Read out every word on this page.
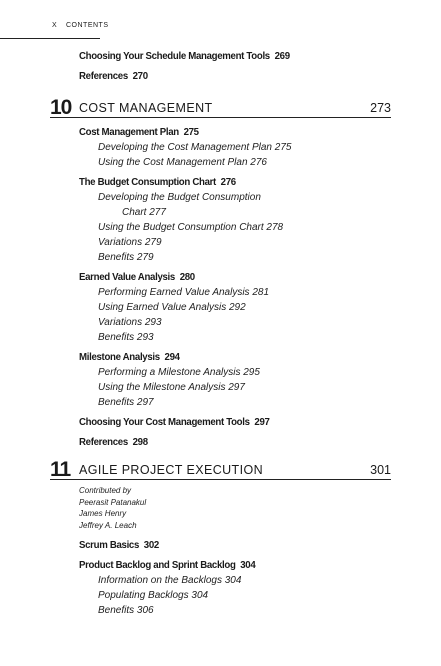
X CONTENTS
Choosing Your Schedule Management Tools 269
References 270
10 COST MANAGEMENT	273
Cost Management Plan 275
Developing the Cost Management Plan 275
Using the Cost Management Plan 276
The Budget Consumption Chart 276
Developing the Budget Consumption
Chart 277
Using the Budget Consumption Chart 278
Variations 279
Benefits 279
Earned Value Analysis 280
Performing Earned Value Analysis 281
Using Earned Value Analysis 292
Variations 293
Benefits 293
Milestone Analysis 294
Performing a Milestone Analysis 295
Using the Milestone Analysis 297
Benefits 297
Choosing Your Cost Management Tools 297
References 298
11 AGILE PROJECT EXECUTION	301
Contributed by
Peerasit Patanakul
James Henry
Jeffrey A. Leach
Scrum Basics 302
Product Backlog and Sprint Backlog 304
Information on the Backlogs 304
Populating Backlogs 304
Benefits 306
